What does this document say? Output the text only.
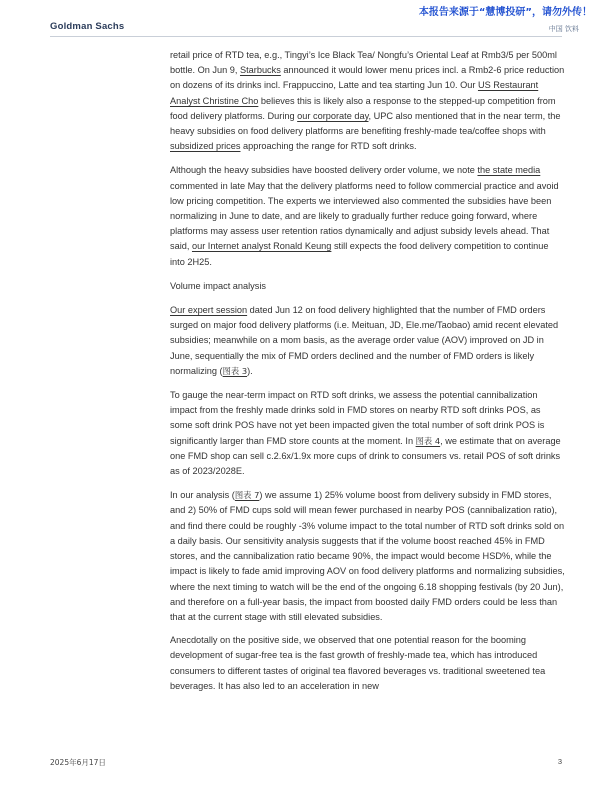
本报告来源于“慧博投研”，请勿外传！
Goldman Sachs	中国 饮料

retail price of RTD tea, e.g., Tingyi’s Ice Black Tea/ Nongfu’s Oriental Leaf at Rmb3/5 per 500ml bottle. On Jun 9, Starbucks announced it would lower menu prices incl. a Rmb2-6 price reduction on dozens of its drinks incl. Frappuccino, Latte and tea starting Jun 10. Our US Restaurant Analyst Christine Cho believes this is likely also a response to the stepped-up competition from food delivery platforms. During our corporate day, UPC also mentioned that in the near term, the heavy subsidies on food delivery platforms are benefiting freshly-made tea/coffee shops with subsidized prices approaching the range for RTD soft drinks.

Although the heavy subsidies have boosted delivery order volume, we note the state media commented in late May that the delivery platforms need to follow commercial practice and avoid low pricing competition. The experts we interviewed also commented the subsidies have been normalizing in June to date, and are likely to gradually further reduce going forward, where platforms may assess user retention ratios dynamically and adjust subsidy levels ahead. That said, our Internet analyst Ronald Keung still expects the food delivery competition to continue into 2H25.

Volume impact analysis

Our expert session dated Jun 12 on food delivery highlighted that the number of FMD orders surged on major food delivery platforms (i.e. Meituan, JD, Ele.me/Taobao) amid recent elevated subsidies; meanwhile on a mom basis, as the average order value (AOV) improved on JD in June, sequentially the mix of FMD orders declined and the number of FMD orders is likely normalizing (图表 3).

To gauge the near-term impact on RTD soft drinks, we assess the potential cannibalization impact from the freshly made drinks sold in FMD stores on nearby RTD soft drinks POS, as some soft drink POS have not yet been impacted given the total number of soft drink POS is significantly larger than FMD store counts at the moment. In 图表 4, we estimate that on average one FMD shop can sell c.2.6x/1.9x more cups of drink to consumers vs. retail POS of soft drinks as of 2023/2028E.

In our analysis (图表 7) we assume 1) 25% volume boost from delivery subsidy in FMD stores, and 2) 50% of FMD cups sold will mean fewer purchased in nearby POS (cannibalization ratio), and find there could be roughly -3% volume impact to the total number of RTD soft drinks sold on a daily basis. Our sensitivity analysis suggests that if the volume boost reached 45% in FMD stores, and the cannibalization ratio became 90%, the impact would become HSD%, while the impact is likely to fade amid improving AOV on food delivery platforms and normalizing subsidies, where the next timing to watch will be the end of the ongoing 6.18 shopping festivals (by 20 Jun), and therefore on a full-year basis, the impact from boosted daily FMD orders could be less than that at the current stage with still elevated subsidies.

Anecdotally on the positive side, we observed that one potential reason for the booming development of sugar-free tea is the fast growth of freshly-made tea, which has introduced consumers to different tastes of original tea flavored beverages vs. traditional sweetened tea beverages. It has also led to an acceleration in new

2025年6月17日	3
